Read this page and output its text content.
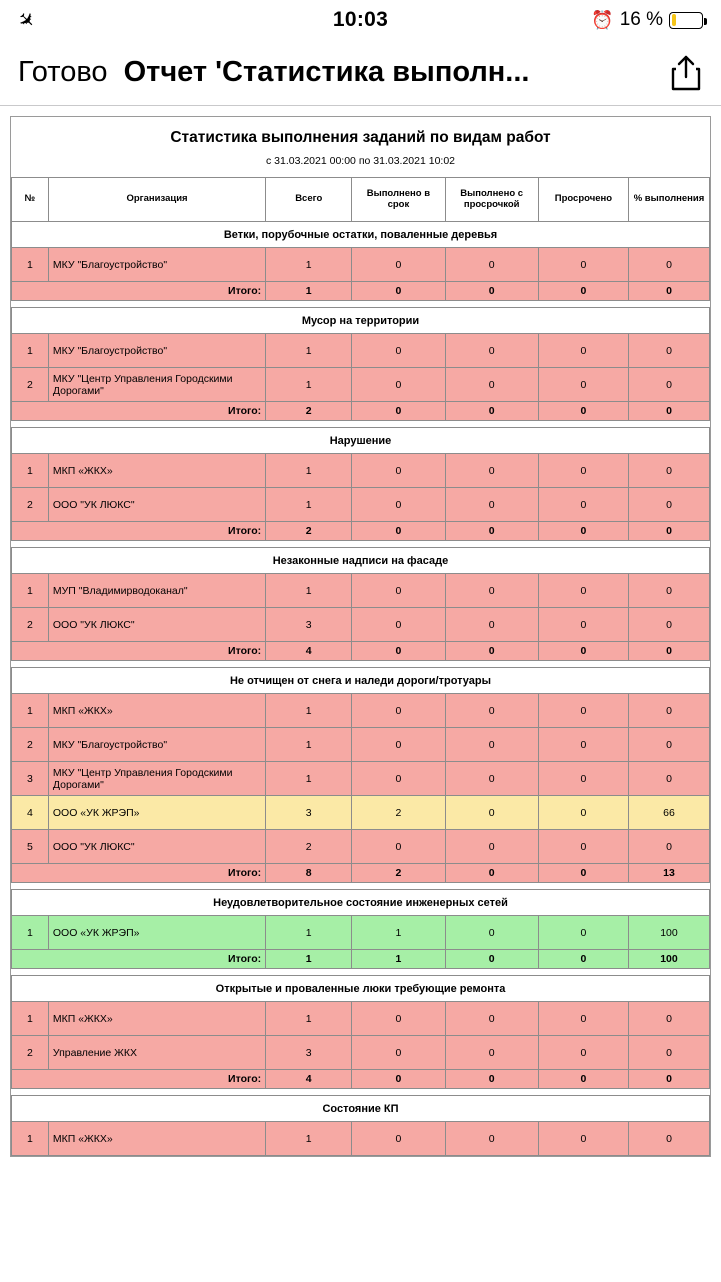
✈	10:03	⏰ 16 %
Готово Отчет 'Статистика выполн...
Статистика выполнения заданий по видам работ
с 31.03.2021 00:00 по 31.03.2021 10:02
№	Организация	Всего	Выполнено в срок	Выполнено с просрочкой	Просрочено	% выполнения
Ветки, порубочные остатки, поваленные деревья						
1	МКУ "Благоустройство"	1	0	0	0	0
Итого:		1	0	0	0	0

Мусор на территории						
1	МКУ "Благоустройство"	1	0	0	0	0
2	МКУ "Центр Управления Городскими Дорогами"	1	0	0	0	0
Итого:		2	0	0	0	0

Нарушение						
1	МКП «ЖКХ»	1	0	0	0	0
2	ООО "УК ЛЮКС"	1	0	0	0	0
Итого:		2	0	0	0	0

Незаконные надписи на фасаде						
1	МУП "Владимирводоканал"	1	0	0	0	0
2	ООО "УК ЛЮКС"	3	0	0	0	0
Итого:		4	0	0	0	0

Не отчищен от снега и наледи дороги/тротуары						
1	МКП «ЖКХ»	1	0	0	0	0
2	МКУ "Благоустройство"	1	0	0	0	0
3	МКУ "Центр Управления Городскими Дорогами"	1	0	0	0	0
4	ООО «УК ЖРЭП»	3	2	0	0	66
5	ООО "УК ЛЮКС"	2	0	0	0	0
Итого:		8	2	0	0	13

Неудовлетворительное состояние инженерных сетей						
1	ООО «УК ЖРЭП»	1	1	0	0	100
Итого:		1	1	0	0	100

Открытые и проваленные люки требующие ремонта						
1	МКП «ЖКХ»	1	0	0	0	0
2	Управление ЖКХ	3	0	0	0	0
Итого:		4	0	0	0	0

Состояние КП						
1	МКП «ЖКХ»	1	0	0	0	0
